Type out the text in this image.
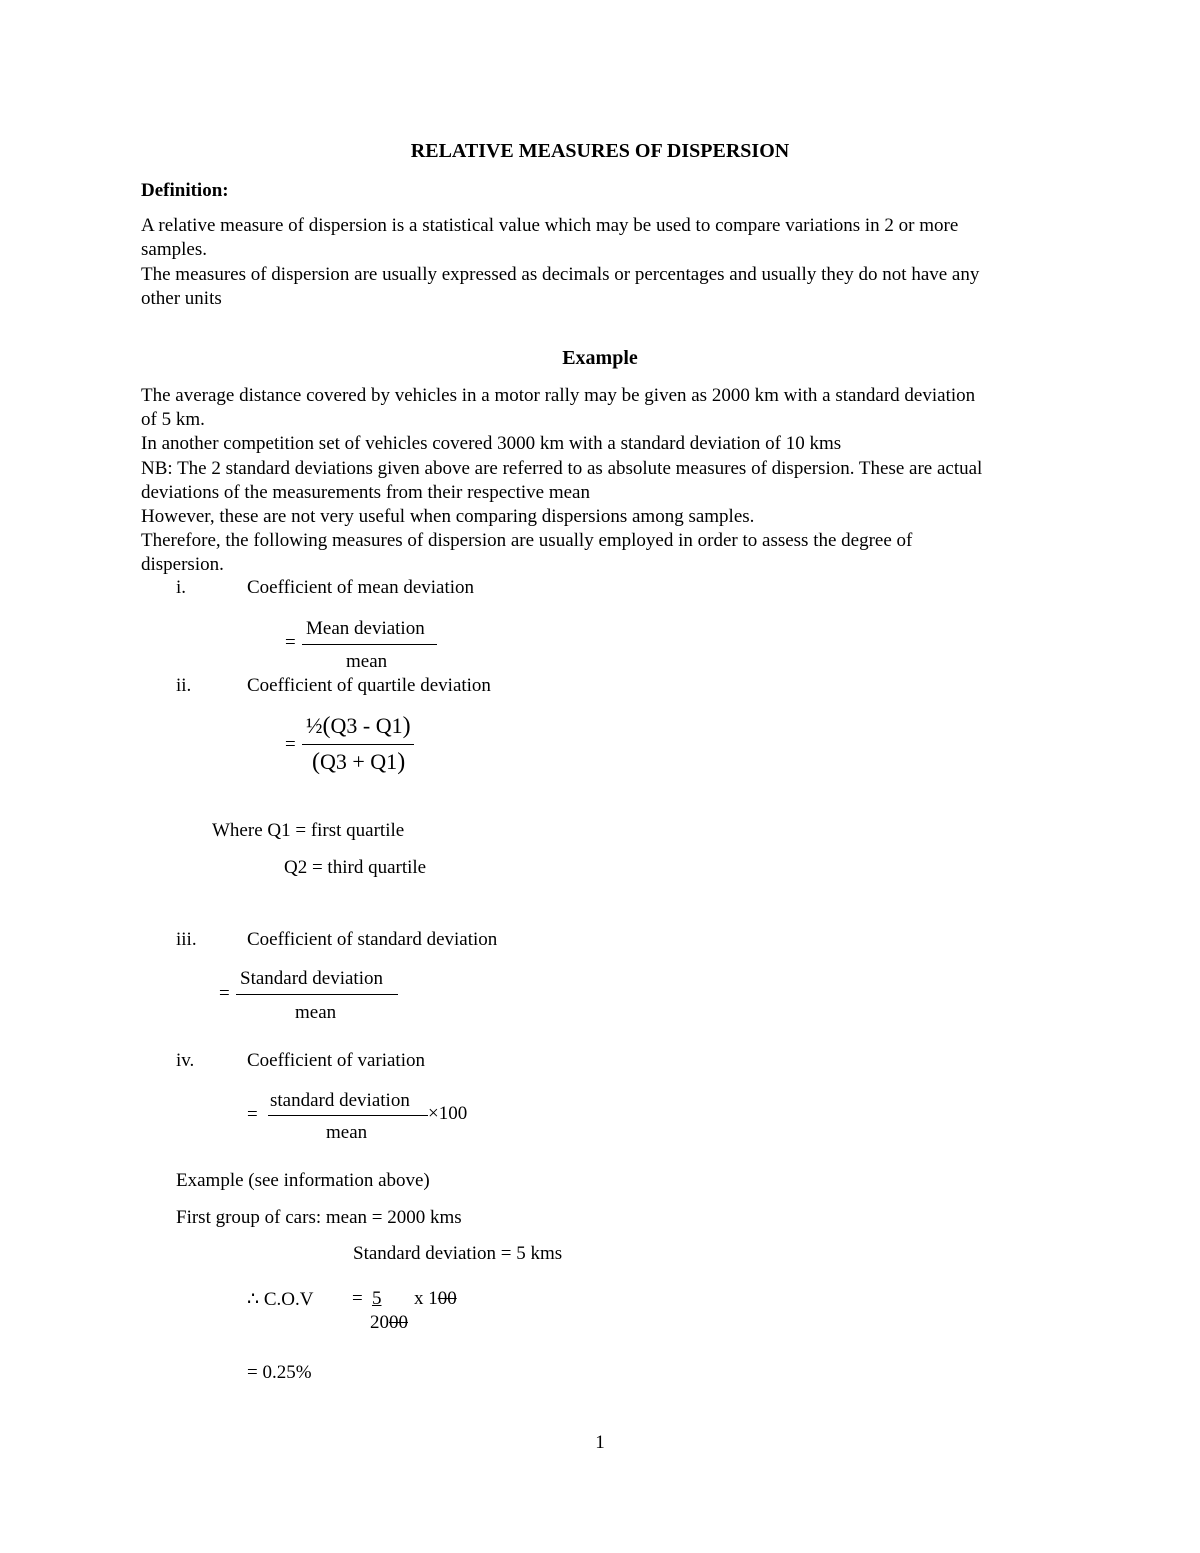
RELATIVE MEASURES OF DISPERSION
Definition:
A relative measure of dispersion is a statistical value which may be used to compare variations in 2 or more
samples.
The measures of dispersion are usually expressed as decimals or percentages and usually they do not have any
other units
Example
The average distance covered by vehicles in a motor rally may be given as 2000 km with a standard deviation
of 5 km.
In another competition set of vehicles covered 3000 km with a standard deviation of 10 kms
NB: The 2 standard deviations given above are referred to as absolute measures of dispersion. These are actual
deviations of the measurements from their respective mean
However, these are not very useful when comparing dispersions among samples.
Therefore, the following measures of dispersion are usually employed in order to assess the degree of
dispersion.
i.	Coefficient of mean deviation
=
Mean deviation
mean
ii.	Coefficient of quartile deviation
=
½(Q3 - Q1)
(Q3 + Q1)
Where Q1 = first quartile
Q2 = third quartile
iii.	Coefficient of standard deviation
=
Standard deviation
mean
iv.	Coefficient of variation
=
standard deviation
×100
mean
Example (see information above)
First group of cars: mean = 2000 kms
Standard deviation = 5 kms
∴ C.O.V = 5	x 100
2000
= 0.25%
1
